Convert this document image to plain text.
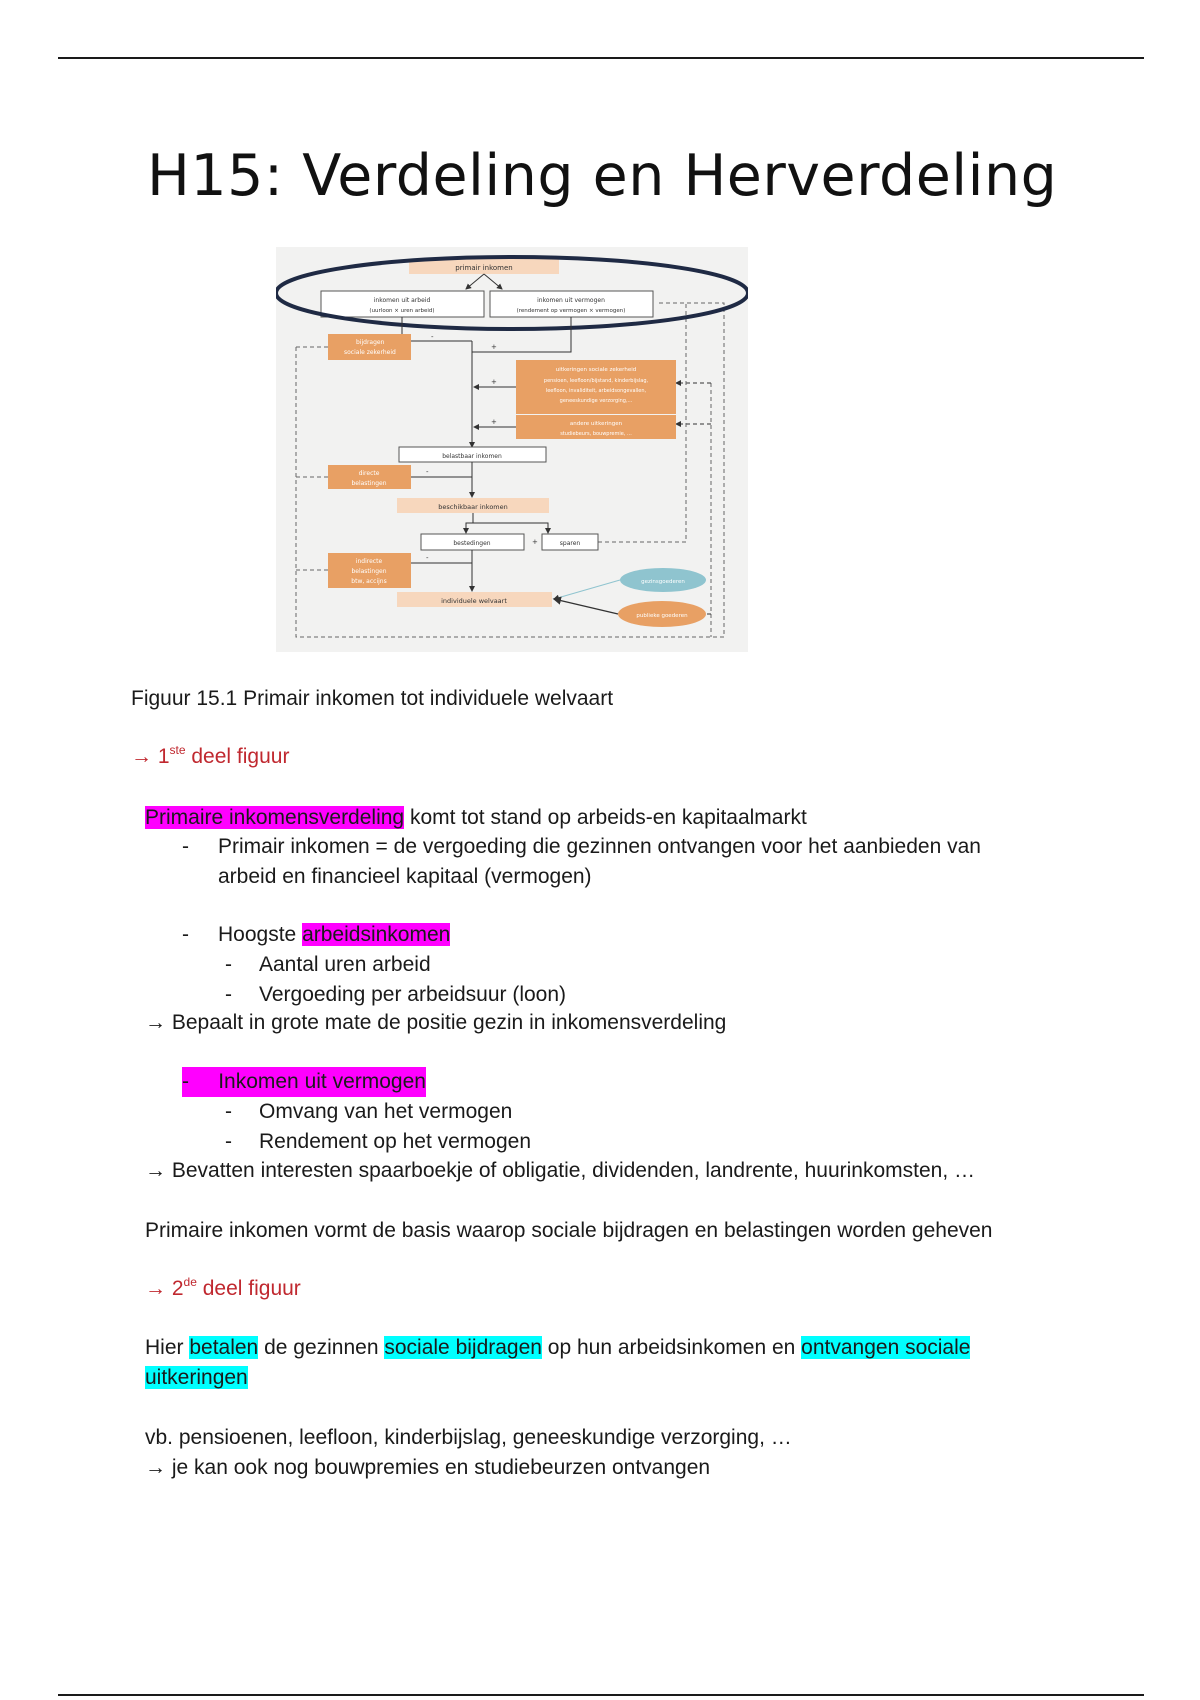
H15: Verdeling en Herverdeling
primair inkomen
inkomen uit arbeid
(uurloon × uren arbeid)
inkomen uit vermogen
(rendement op vermogen × vermogen)
-
+
bijdragen
sociale zekerheid
uitkeringen sociale zekerheid
pensioen, leefloon/bijstand, kinderbijslag,
leefloon, invaliditeit, arbeidsongevallen,
geneeskundige verzorging,...
andere uitkeringen
studiebeurs, bouwpremie, ...
+
+
belastbaar inkomen
-
directe
belastingen
beschikbaar inkomen
bestedingen	+	sparen
-
indirecte
belastingen
btw, accijns
individuele welvaart
gezinsgoederen
publieke goederen
Figuur 15.1 Primair inkomen tot individuele welvaart
→ 1ste deel figuur
Primaire inkomensverdeling komt tot stand op arbeids-en kapitaalmarkt
- Primair inkomen = de vergoeding die gezinnen ontvangen voor het aanbieden van
arbeid en financieel kapitaal (vermogen)
- Hoogste arbeidsinkomen
- Aantal uren arbeid
- Vergoeding per arbeidsuur (loon)
→ Bepaalt in grote mate de positie gezin in inkomensverdeling
- Inkomen uit vermogen
- Omvang van het vermogen
- Rendement op het vermogen
→ Bevatten interesten spaarboekje of obligatie, dividenden, landrente, huurinkomsten, …
Primaire inkomen vormt de basis waarop sociale bijdragen en belastingen worden geheven
→ 2de deel figuur
Hier betalen de gezinnen sociale bijdragen op hun arbeidsinkomen en ontvangen sociale
uitkeringen
vb. pensioenen, leefloon, kinderbijslag, geneeskundige verzorging, …
→ je kan ook nog bouwpremies en studiebeurzen ontvangen
